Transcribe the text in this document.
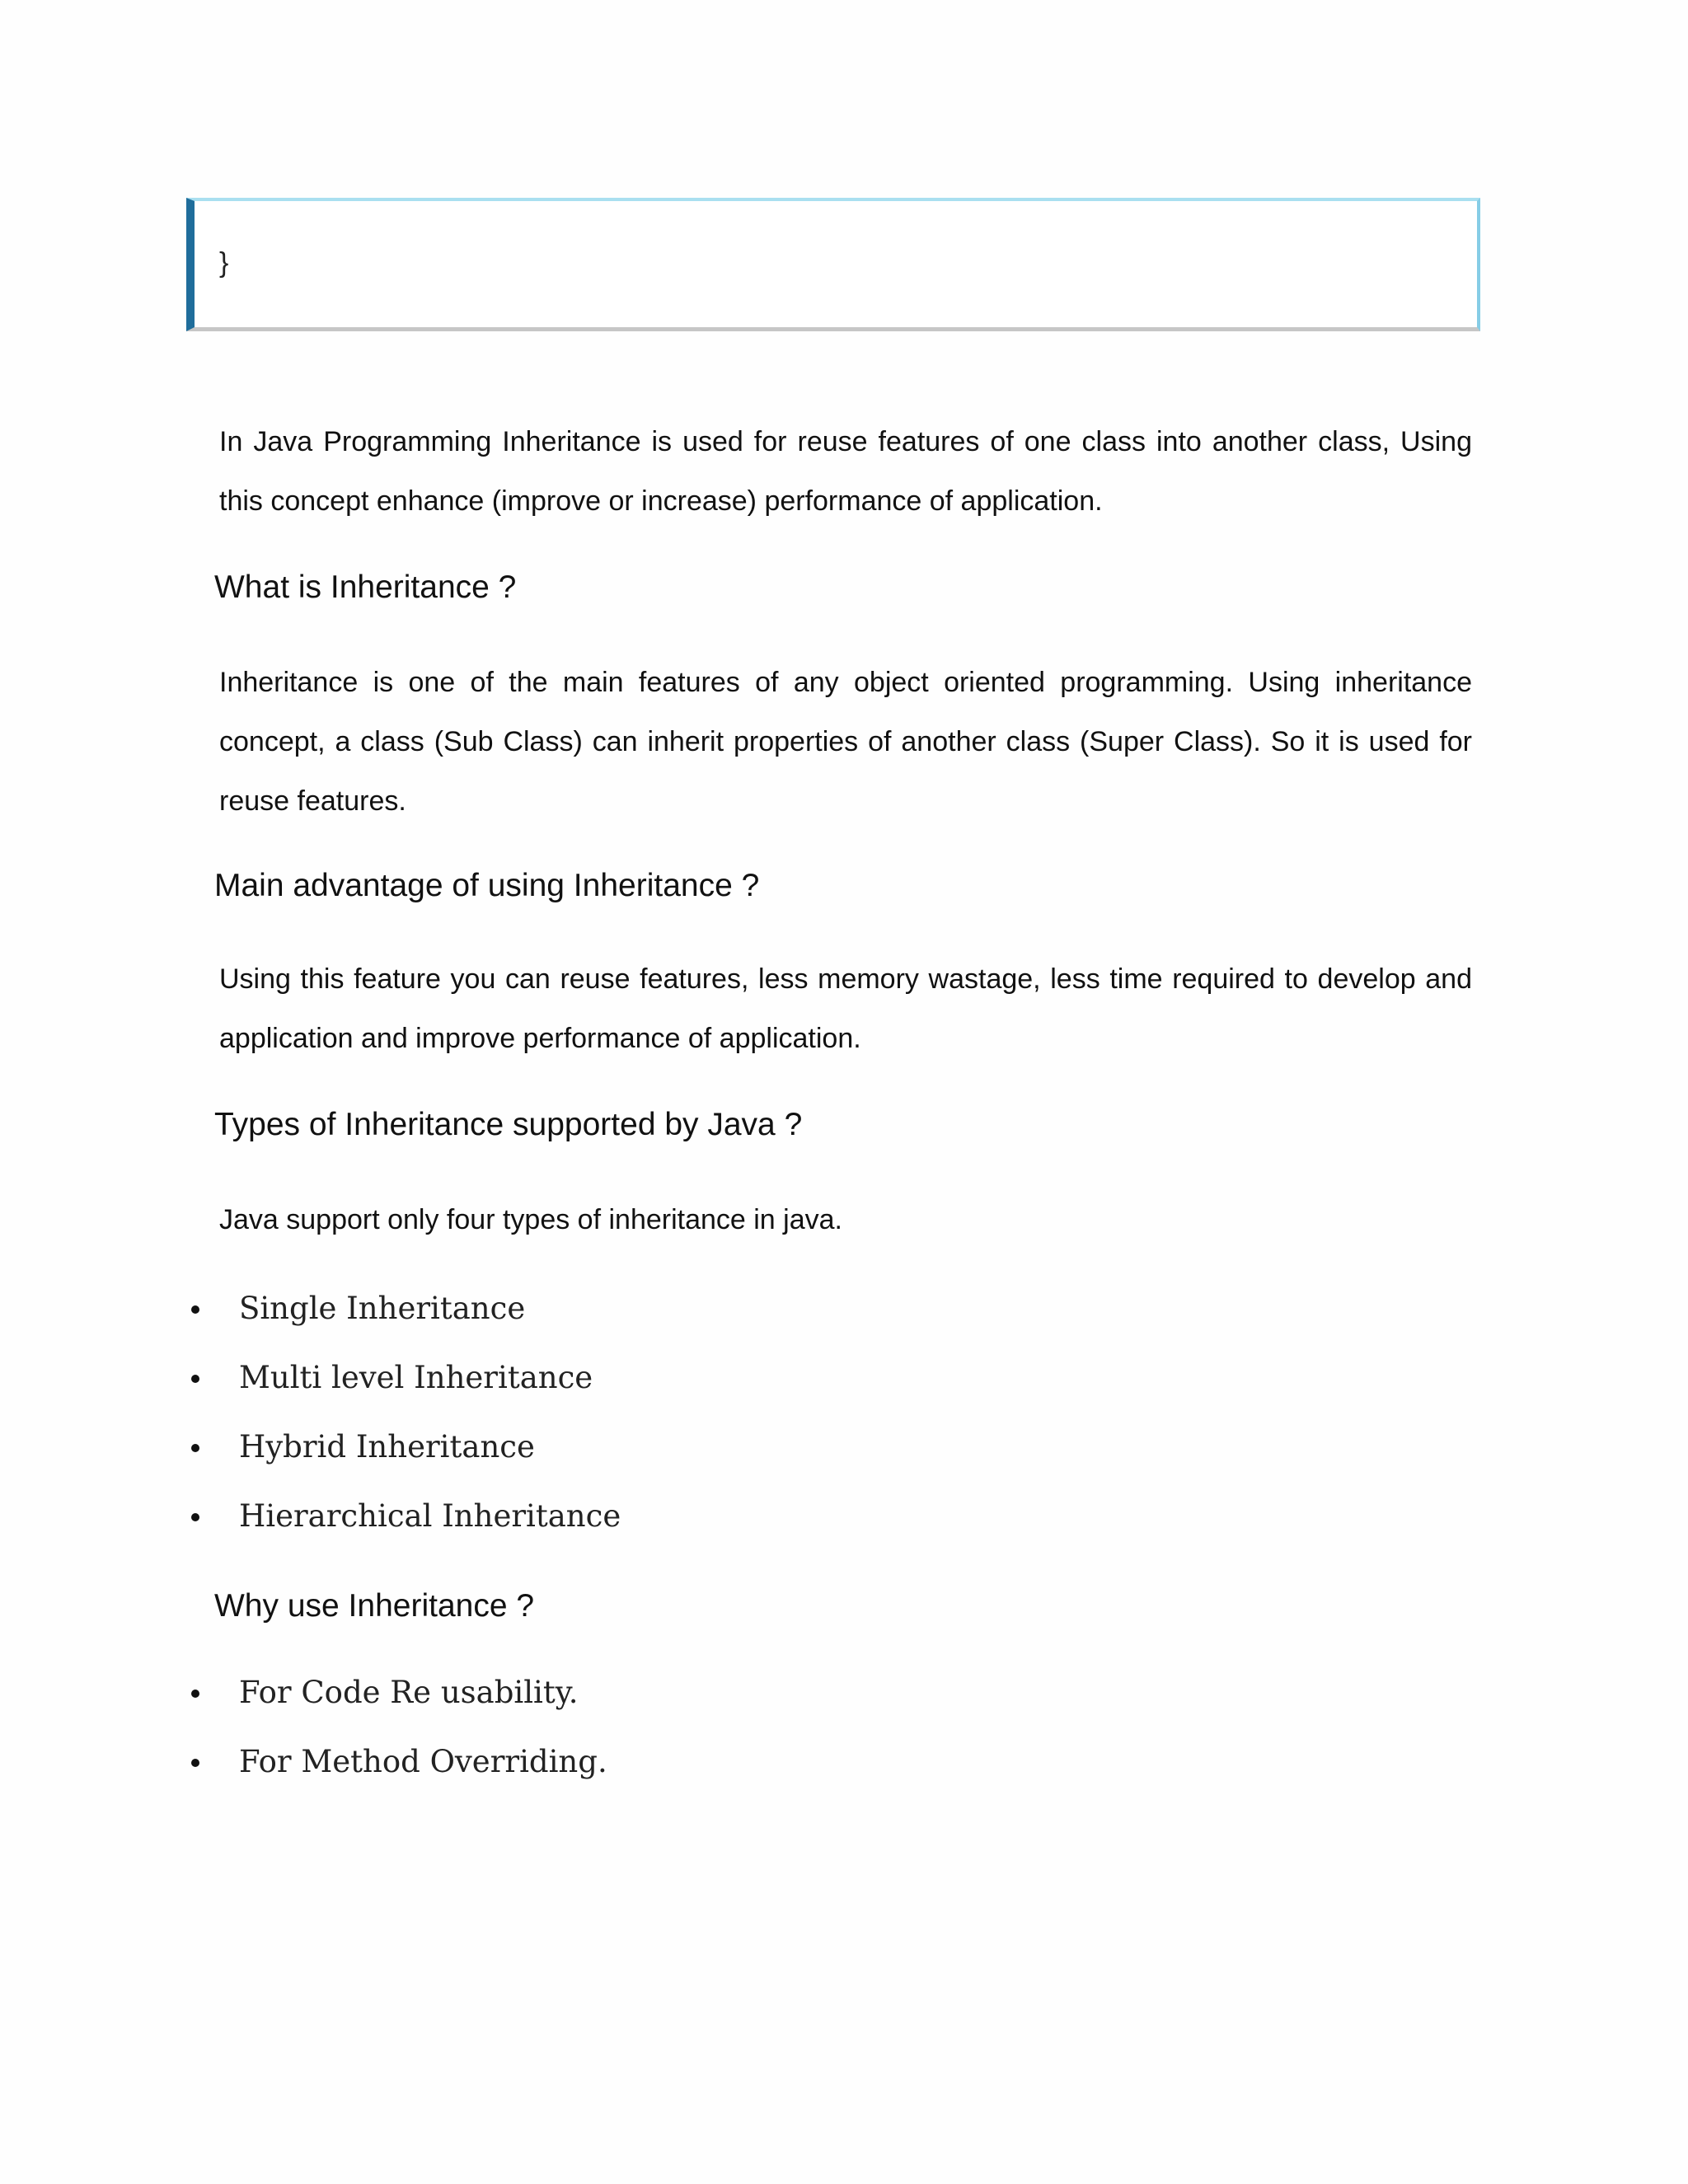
}

In Java Programming Inheritance is used for reuse features of one class into another class, Using this concept enhance (improve or increase) performance of application.

What is Inheritance ?

Inheritance is one of the main features of any object oriented programming. Using inheritance concept, a class (Sub Class) can inherit properties of another class (Super Class). So it is used for reuse features.

Main advantage of using Inheritance ?

Using this feature you can reuse features, less memory wastage, less time required to develop and application and improve performance of application.

Types of Inheritance supported by Java ?

Java support only four types of inheritance in java.

Single Inheritance
Multi level Inheritance
Hybrid Inheritance
Hierarchical Inheritance
Why use Inheritance ?
For Code Re usability.
For Method Overriding.
